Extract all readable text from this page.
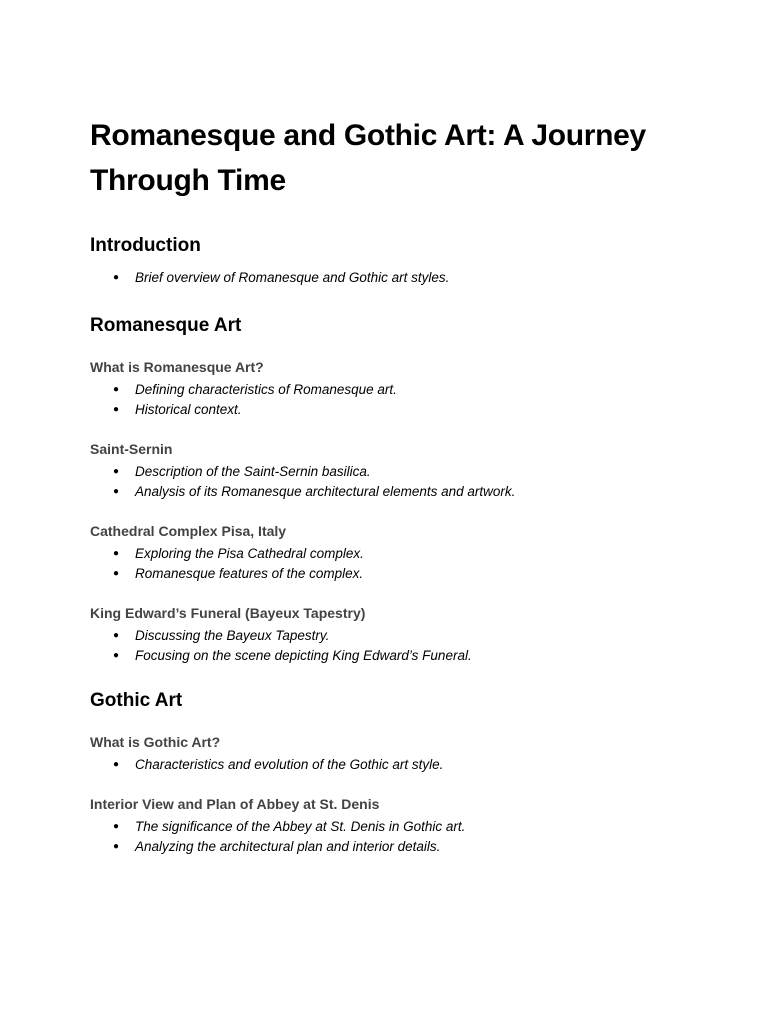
Romanesque and Gothic Art: A Journey Through Time
Introduction
● Brief overview of Romanesque and Gothic art styles.
Romanesque Art
What is Romanesque Art?
● Defining characteristics of Romanesque art.
● Historical context.
Saint-Sernin
● Description of the Saint-Sernin basilica.
● Analysis of its Romanesque architectural elements and artwork.
Cathedral Complex Pisa, Italy
● Exploring the Pisa Cathedral complex.
● Romanesque features of the complex.
King Edward’s Funeral (Bayeux Tapestry)
● Discussing the Bayeux Tapestry.
● Focusing on the scene depicting King Edward’s Funeral.
Gothic Art
What is Gothic Art?
● Characteristics and evolution of the Gothic art style.
Interior View and Plan of Abbey at St. Denis
● The significance of the Abbey at St. Denis in Gothic art.
● Analyzing the architectural plan and interior details.
